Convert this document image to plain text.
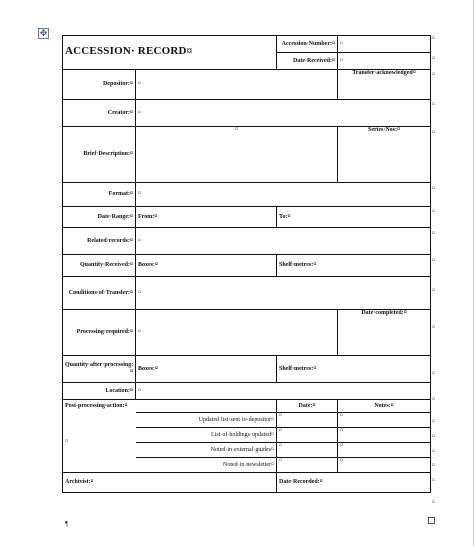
✥
ACCESSION· RECORD¤		Accession·Number:¤	¤
		Date·Received:¤	¤
Depositor:¤	¤		Transfer·acknowledged¤
Creator:¤	¤		
Brief·Description:¤	¤		Series·Nos:¤
Format:¤	¤		
Date·Range:¤	From:¤	To:¤	
Related·records:¤	¤		
Quantity·Received:¤	Boxes:¤	Shelf·metres:¤	
Conditions·of·Transfer:¤	¤		
Processing·required:¤	¤		Date·completed:¤
Quantity·after·processing:¤	Boxes:¤	Shelf·metres:¤	
Location:¤	¤		
Post-processing·action:¤		Date:¤	Notes:¤
¤	Updated·list·sent·to·depositor¤	¤	¤
	List·of·holdings·updated¤	¤	¤
	Noted·in·external·guides¤	¤	¤
	Noted·in·newsletter¤	¤	¤
Archivist:¤		Date·Recorded:¤	
¤
¤
¤
¤
¤
¤
¤
¤
¤
¤
¤
¤
¤
¤
¤
¤
¤
¤
¤
¶
